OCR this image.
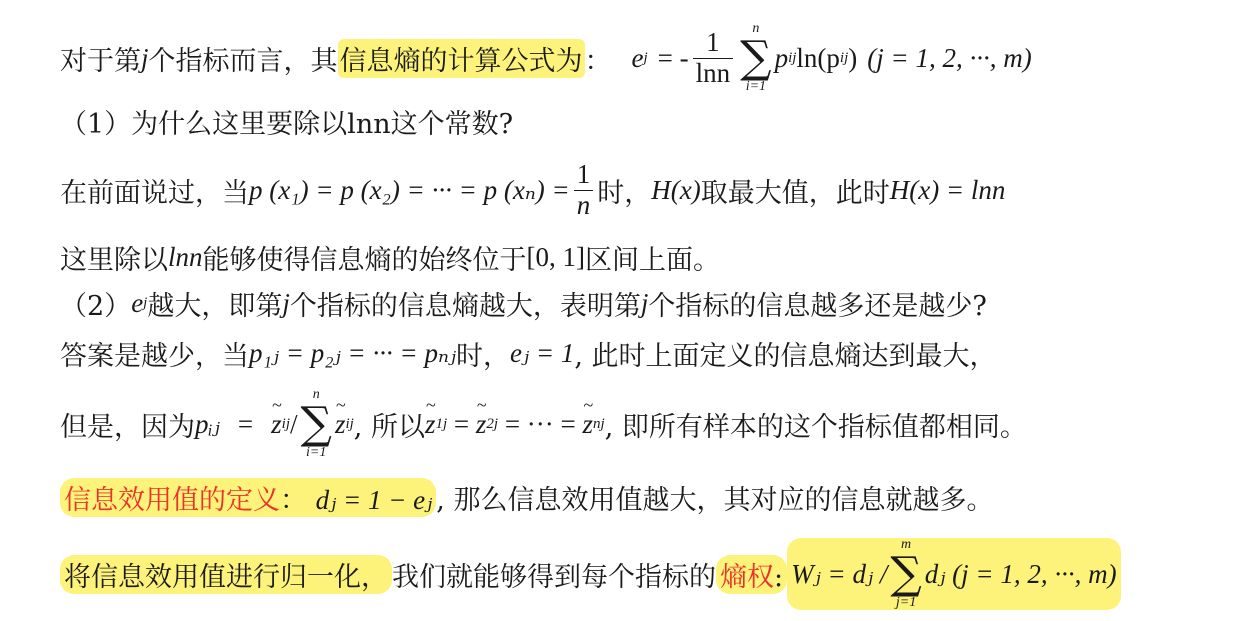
对于第 j 个指标而言，其 信息熵的计算公式为 ： e j = - $\frac{1}{\ln n}$ n
∑
i=1
p ij ln(p ij ) (j = 1, 2, ···, m)
（1）为什么这里要除以lnn这个常数?
在前面说过，当 p (x₁) = p (x₂) = ··· = p $(x_n) = \frac{1}{n}$ 时， H(x) 取最大值，此时 H(x) = lnn
这里除以 lnn 能够使得信息熵的始终位于 [0, 1] 区间上面。
（2） e j 越大，即第 j 个指标的信息熵越大，表明第 j 个指标的信息越多还是越少?
答案是越少，当 p₁ⱼ = p₂ⱼ = ··· = pₙⱼ 时， eⱼ = 1 , 此时上面定义的信息熵达到最大，
但是，因为 pᵢⱼ = ~ z ij /
n
∑
i=1
~ z ij , 所以 ~ z 1j = ~ z 2j
= ··· =
~ z nj , 即所有样本的这个指标值都相同。
信息效用值的定义： dⱼ = 1 − eⱼ , 那么信息效用值越大，其对应的信息就越多。
将信息效用值进行归一化， 我们就能够得到每个指标的 熵权: Wⱼ = dⱼ /
m
∑
j=1
dⱼ (j = 1, 2, ···, m)
